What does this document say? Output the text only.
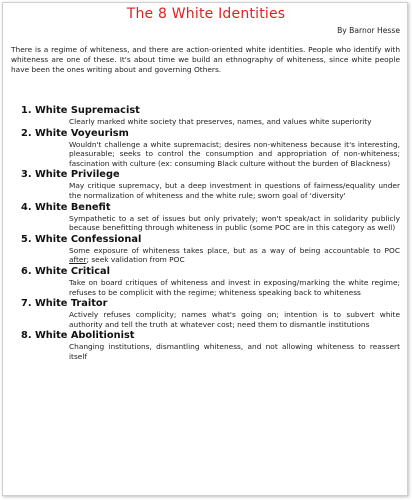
The 8 White Identities
By Barnor Hesse
There is a regime of whiteness, and there are action-oriented white identities. People who identify with whiteness are one of these. It's about time we build an ethnography of whiteness, since white people have been the ones writing about and governing Others.
1. White Supremacist
Clearly marked white society that preserves, names, and values white superiority
2. White Voyeurism
Wouldn't challenge a white supremacist; desires non-whiteness because it's interesting, pleasurable; seeks to control the consumption and appropriation of non-whiteness; fascination with culture (ex: consuming Black culture without the burden of Blackness)
3. White Privilege
May critique supremacy, but a deep investment in questions of fairness/equality under the normalization of whiteness and the white rule; sworn goal of 'diversity'
4. White Benefit
Sympathetic to a set of issues but only privately; won't speak/act in solidarity publicly because benefitting through whiteness in public (some POC are in this category as well)
5. White Confessional
Some exposure of whiteness takes place, but as a way of being accountable to POC after; seek validation from POC
6. White Critical
Take on board critiques of whiteness and invest in exposing/marking the white regime; refuses to be complicit with the regime; whiteness speaking back to whiteness
7. White Traitor
Actively refuses complicity; names what's going on; intention is to subvert white authority and tell the truth at whatever cost; need them to dismantle institutions
8. White Abolitionist
Changing institutions, dismantling whiteness, and not allowing whiteness to reassert itself
